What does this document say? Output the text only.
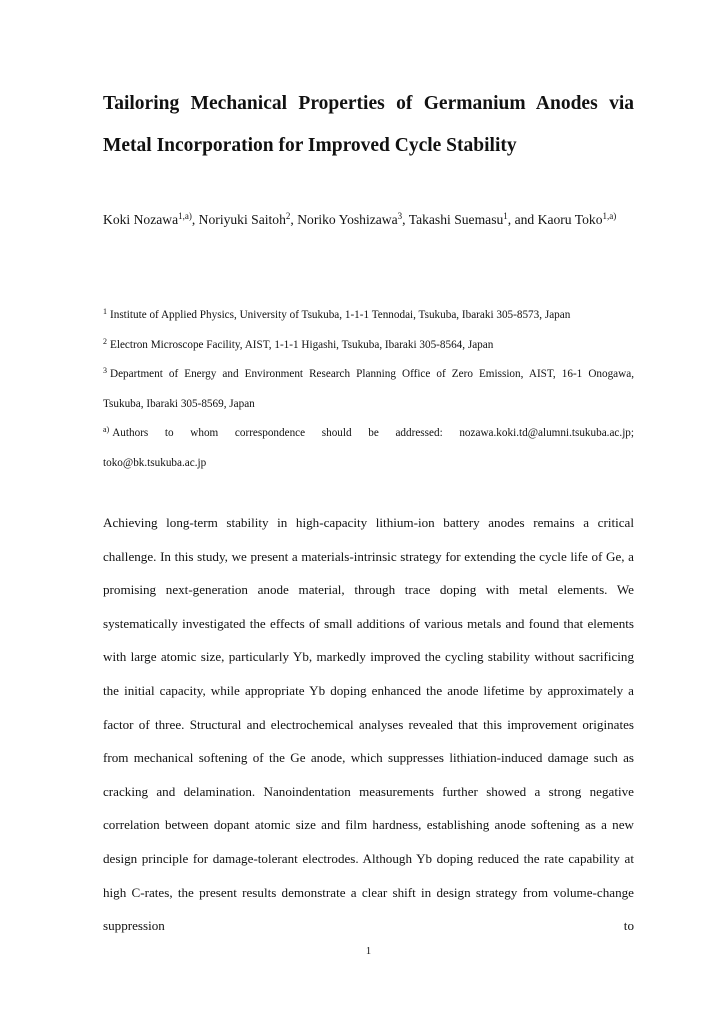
Tailoring Mechanical Properties of Germanium Anodes via
Metal Incorporation for Improved Cycle Stability
Koki Nozawa$^{1,a)}$, Noriyuki Saitoh$^2$, Noriko Yoshizawa$^3$, Takashi Suemasu$^1$, and Kaoru Toko$^{1,a)}$
$^1$ Institute of Applied Physics, University of Tsukuba, 1-1-1 Tennodai, Tsukuba, Ibaraki 305-8573, Japan
$^2$ Electron Microscope Facility, AIST, 1-1-1 Higashi, Tsukuba, Ibaraki 305-8564, Japan
$^3$ Department of Energy and Environment Research Planning Office of Zero Emission, AIST, 16-1 Onogawa, Tsukuba, Ibaraki 305-8569, Japan
$^{a)}$ Authors to whom correspondence should be addressed: nozawa.koki.td@alumni.tsukuba.ac.jp; toko@bk.tsukuba.ac.jp
Achieving long-term stability in high-capacity lithium-ion battery anodes remains a critical challenge. In this study, we present a materials-intrinsic strategy for extending the cycle life of Ge, a promising next-generation anode material, through trace doping with metal elements. We systematically investigated the effects of small additions of various metals and found that elements with large atomic size, particularly Yb, markedly improved the cycling stability without sacrificing the initial capacity, while appropriate Yb doping enhanced the anode lifetime by approximately a factor of three. Structural and electrochemical analyses revealed that this improvement originates from mechanical softening of the Ge anode, which suppresses lithiation-induced damage such as cracking and delamination. Nanoindentation measurements further showed a strong negative correlation between dopant atomic size and film hardness, establishing anode softening as a new design principle for damage-tolerant electrodes. Although Yb doping reduced the rate capability at high C-rates, the present results demonstrate a clear shift in design strategy from volume-change suppression to
1
